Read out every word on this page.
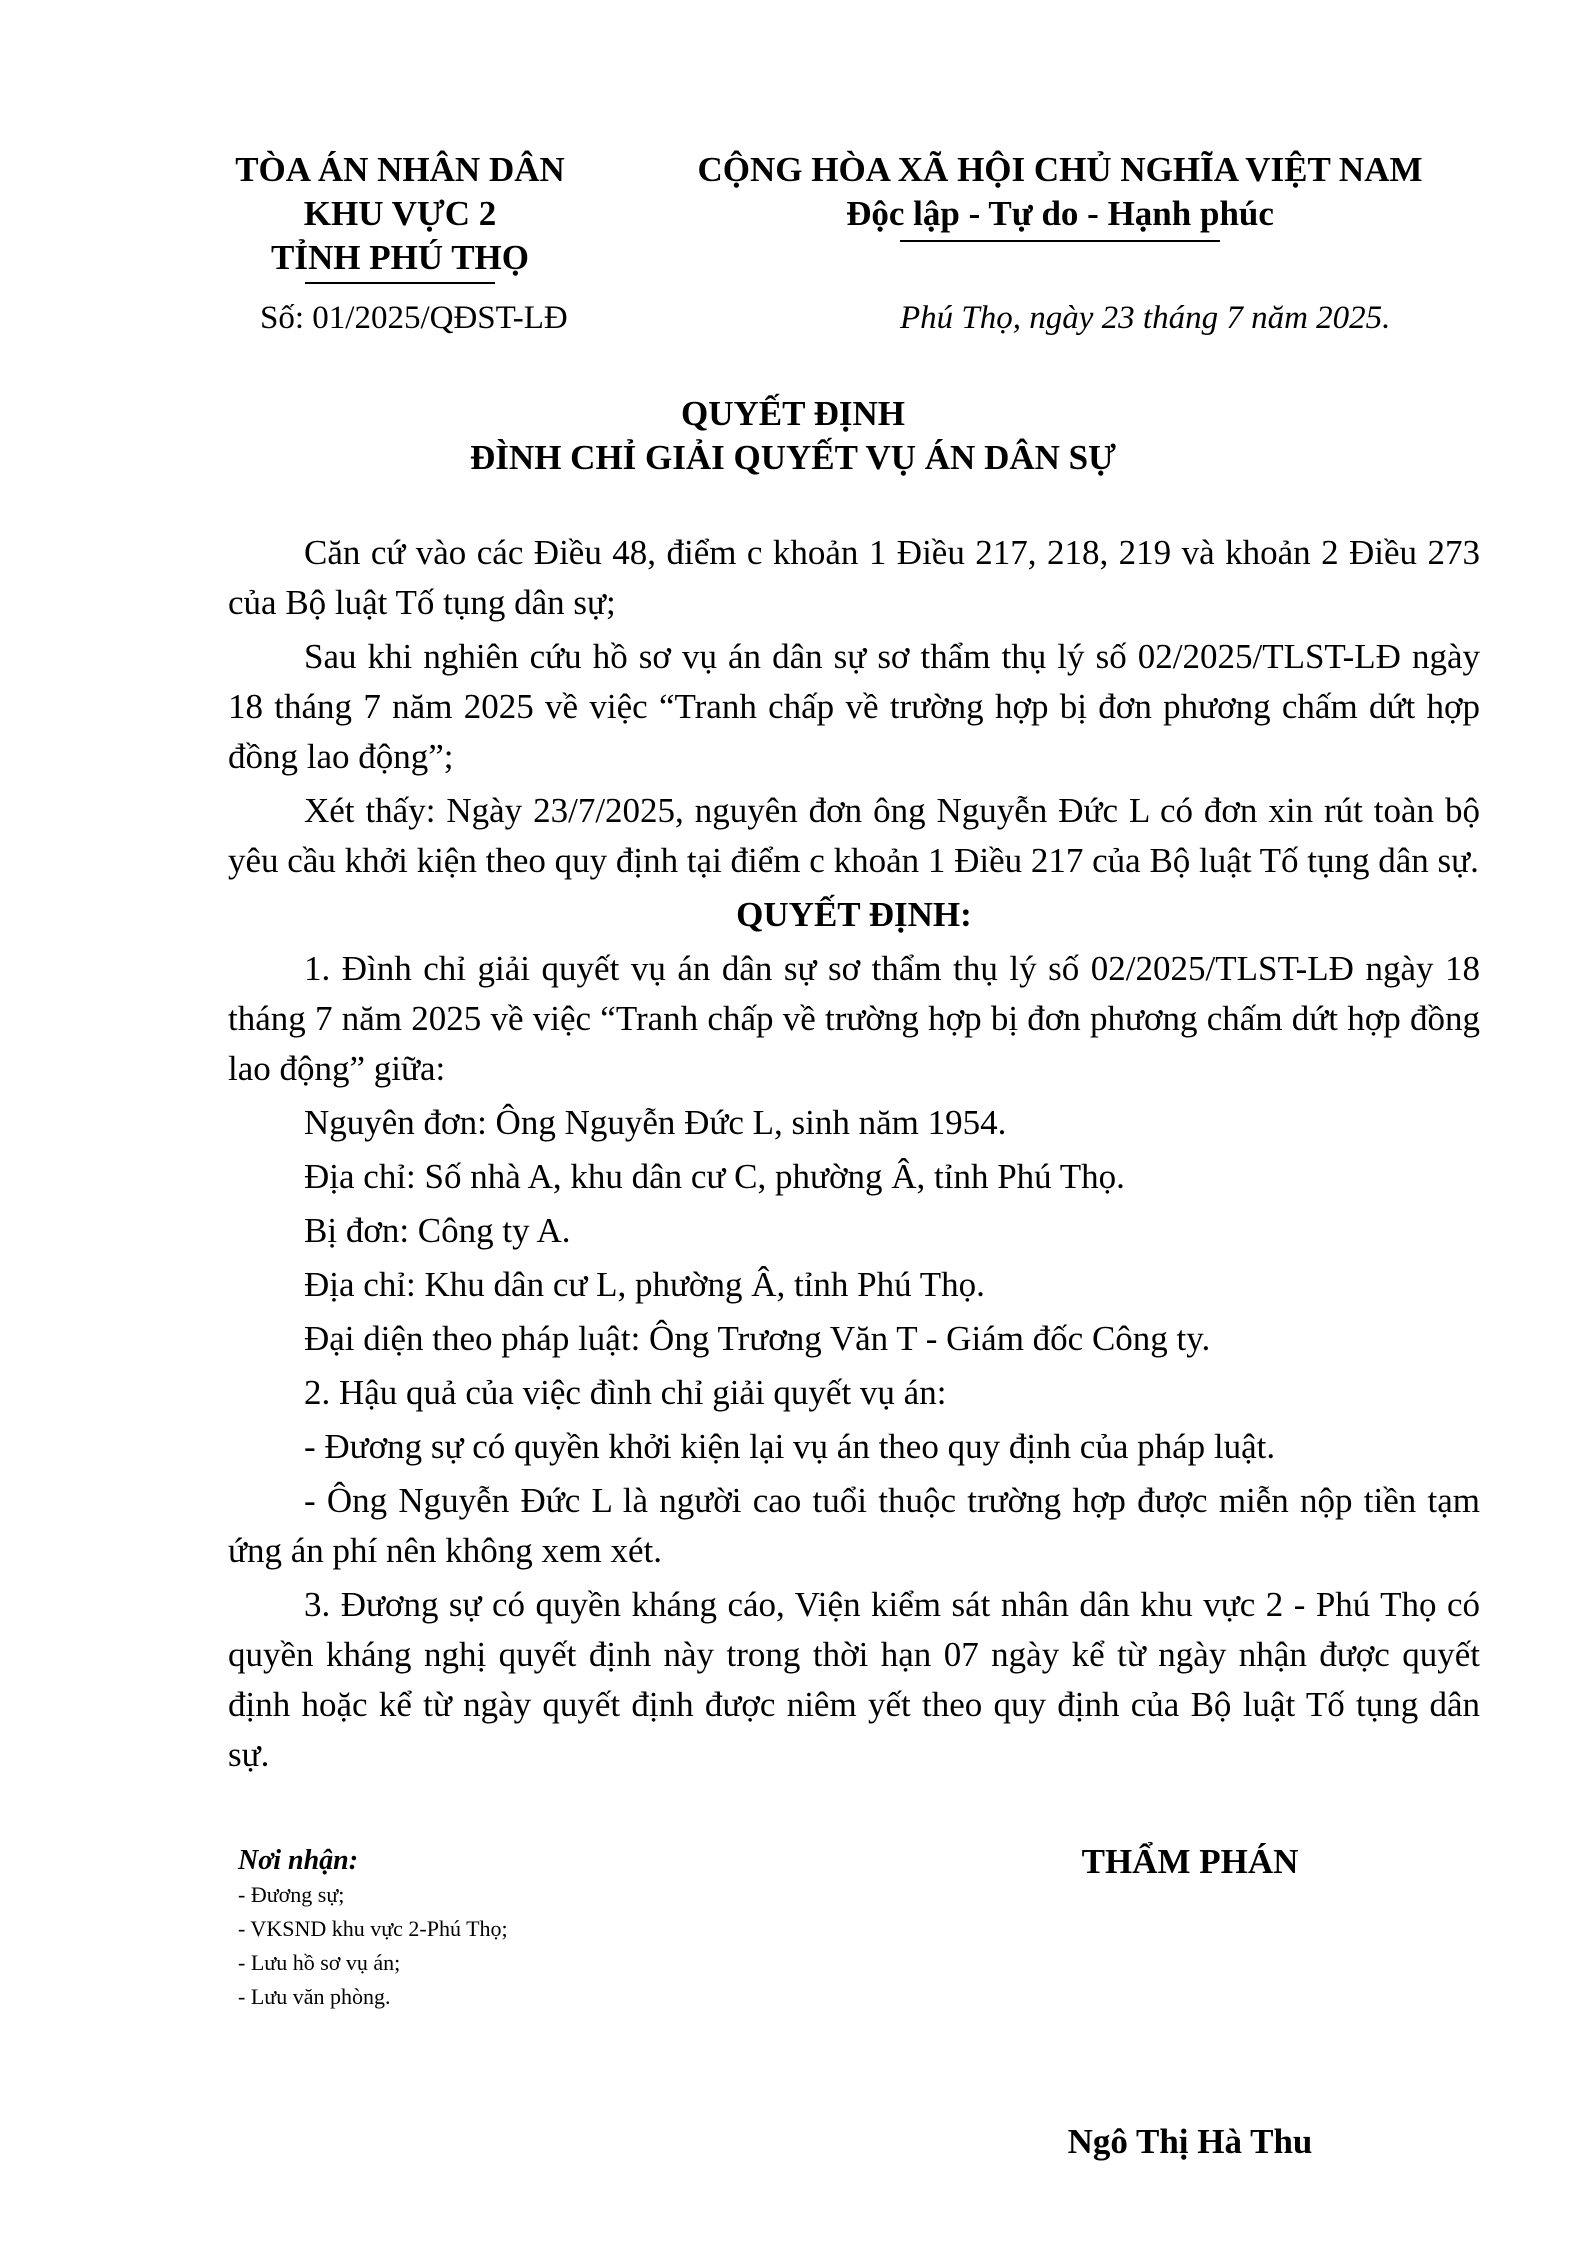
TÒA ÁN NHÂN DÂN
KHU VỰC 2
TỈNH PHÚ THỌ
CỘNG HÒA XÃ HỘI CHỦ NGHĨA VIỆT NAM
Độc lập - Tự do - Hạnh phúc
Số: 01/2025/QĐST-LĐ	Phú Thọ, ngày 23 tháng 7 năm 2025.
QUYẾT ĐỊNH
ĐÌNH CHỈ GIẢI QUYẾT VỤ ÁN DÂN SỰ

Căn cứ vào các Điều 48, điểm c khoản 1 Điều 217, 218, 219 và khoản 2 Điều 273 của Bộ luật Tố tụng dân sự;

Sau khi nghiên cứu hồ sơ vụ án dân sự sơ thẩm thụ lý số 02/2025/TLST-LĐ ngày 18 tháng 7 năm 2025 về việc “Tranh chấp về trường hợp bị đơn phương chấm dứt hợp đồng lao động”;

Xét thấy: Ngày 23/7/2025, nguyên đơn ông Nguyễn Đức L có đơn xin rút toàn bộ yêu cầu khởi kiện theo quy định tại điểm c khoản 1 Điều 217 của Bộ luật Tố tụng dân sự.

QUYẾT ĐỊNH:

1. Đình chỉ giải quyết vụ án dân sự sơ thẩm thụ lý số 02/2025/TLST-LĐ ngày 18 tháng 7 năm 2025 về việc “Tranh chấp về trường hợp bị đơn phương chấm dứt hợp đồng lao động” giữa:

Nguyên đơn: Ông Nguyễn Đức L, sinh năm 1954.

Địa chỉ: Số nhà A, khu dân cư C, phường Â, tỉnh Phú Thọ.

Bị đơn: Công ty A.

Địa chỉ: Khu dân cư L, phường Â, tỉnh Phú Thọ.

Đại diện theo pháp luật: Ông Trương Văn T - Giám đốc Công ty.

2. Hậu quả của việc đình chỉ giải quyết vụ án:

- Đương sự có quyền khởi kiện lại vụ án theo quy định của pháp luật.

- Ông Nguyễn Đức L là người cao tuổi thuộc trường hợp được miễn nộp tiền tạm ứng án phí nên không xem xét.

3. Đương sự có quyền kháng cáo, Viện kiểm sát nhân dân khu vực 2 - Phú Thọ có quyền kháng nghị quyết định này trong thời hạn 07 ngày kể từ ngày nhận được quyết định hoặc kể từ ngày quyết định được niêm yết theo quy định của Bộ luật Tố tụng dân sự.

Nơi nhận:
- Đương sự;
- VKSND khu vực 2-Phú Thọ;
- Lưu hồ sơ vụ án;
- Lưu văn phòng.
THẨM PHÁN
Ngô Thị Hà Thu
